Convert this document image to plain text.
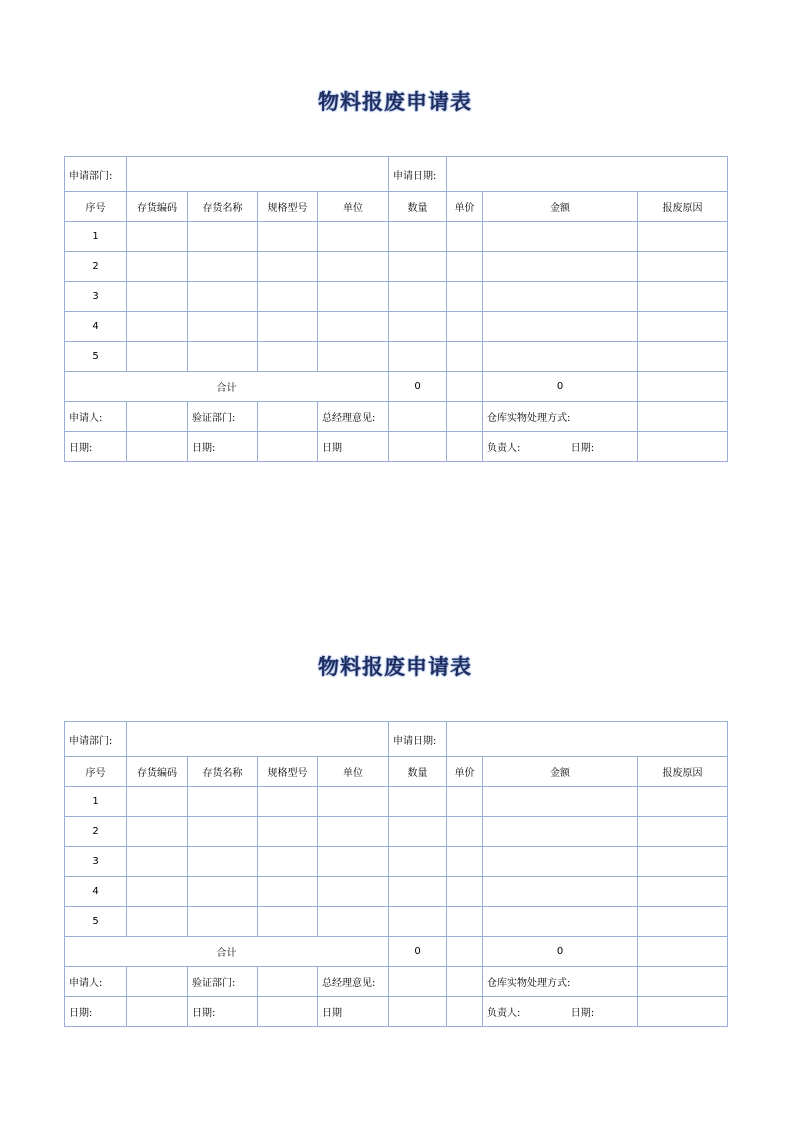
物料报废申请表
申请部门:					申请日期:			
序号	存货编码	存货名称	规格型号	单位	数量	单价	金额	报废原因
1								
2								
3								
4								
5								
合计					0		0	
申请人:		验证部门:		总经理意见:			仓库实物处理方式:	
日期:		日期:		日期			负责人: 日期:	
物料报废申请表
申请部门:					申请日期:			
序号	存货编码	存货名称	规格型号	单位	数量	单价	金额	报废原因
1								
2								
3								
4								
5								
合计					0		0	
申请人:		验证部门:		总经理意见:			仓库实物处理方式:	
日期:		日期:		日期			负责人: 日期:	
